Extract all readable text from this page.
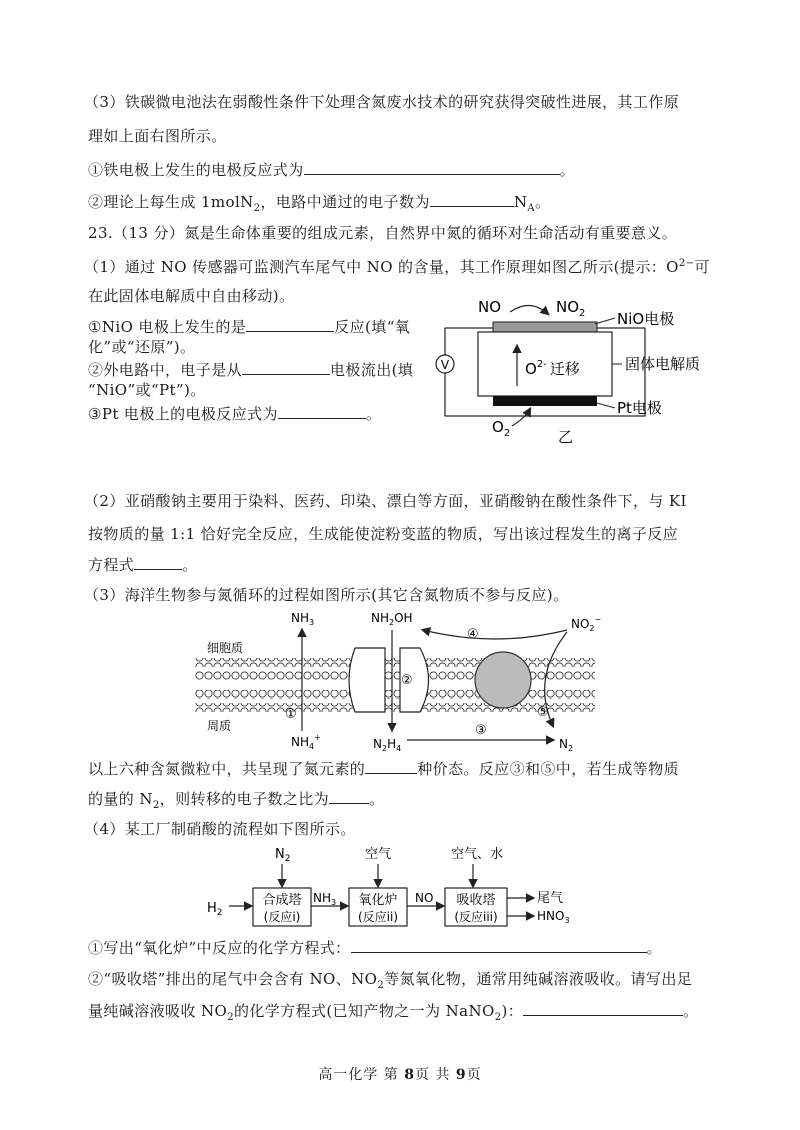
（3）铁碳微电池法在弱酸性条件下处理含氮废水技术的研究获得突破性进展，其工作原
理如上面右图所示。
①铁电极上发生的电极反应式为	。
②理论上每生成 1molN$_2$，电路中通过的电子数为	$N_A$。
23.（13 分）氮是生命体重要的组成元素，自然界中氮的循环对生命活动有重要意义。
（1）通过 NO 传感器可监测汽车尾气中 NO 的含量，其工作原理如图乙所示(提示：$O^{2-}$可
在此固体电解质中自由移动)。
①NiO 电极上发生的是	反应(填“氧
化”或“还原”)。
②外电路中，电子是从	电极流出(填
“NiO”或“Pt”)。
③Pt 电极上的电极反应式为	。
V	$O^{2-}$ 迁移
NO	$NO_2$ NiO电极
固体电解质
Pt电极
$O_2$	乙
（2）亚硝酸钠主要用于染料、医药、印染、漂白等方面，亚硝酸钠在酸性条件下，与 KI
按物质的量 1:1 恰好完全反应，生成能使淀粉变蓝的物质，写出该过程发生的离子反应
方程式	。
（3）海洋生物参与氮循环的过程如图所示(其它含氮物质不参与反应)。
$NH_3$
①
$NH_4^+$
$NH_2OH$
②
$NO_2^-$
④
⑤
$N_2H_4$
③
$N_2$
细胞质
周质
以上六种含氮微粒中，共呈现了氮元素的	种价态。反应③和⑤中，若生成等物质
的量的 $N_2$，则转移的电子数之比为	。
（4）某工厂制硝酸的流程如下图所示。
$N_2$	空气	空气、水
$H_2$
合成塔
(反应i)
$NH_3$ 氧化炉
(反应ii)
NO 吸收塔
(反应iii)
尾气
$HNO_3$
①写出“氧化炉”中反应的化学方程式：	。
②“吸收塔”排出的尾气中会含有 NO、$NO_2$等氮氧化物，通常用纯碱溶液吸收。请写出足
量纯碱溶液吸收 $NO_2$的化学方程式(已知产物之一为 NaNO$_2$)：	。
高一化学 第 8页 共 9页
